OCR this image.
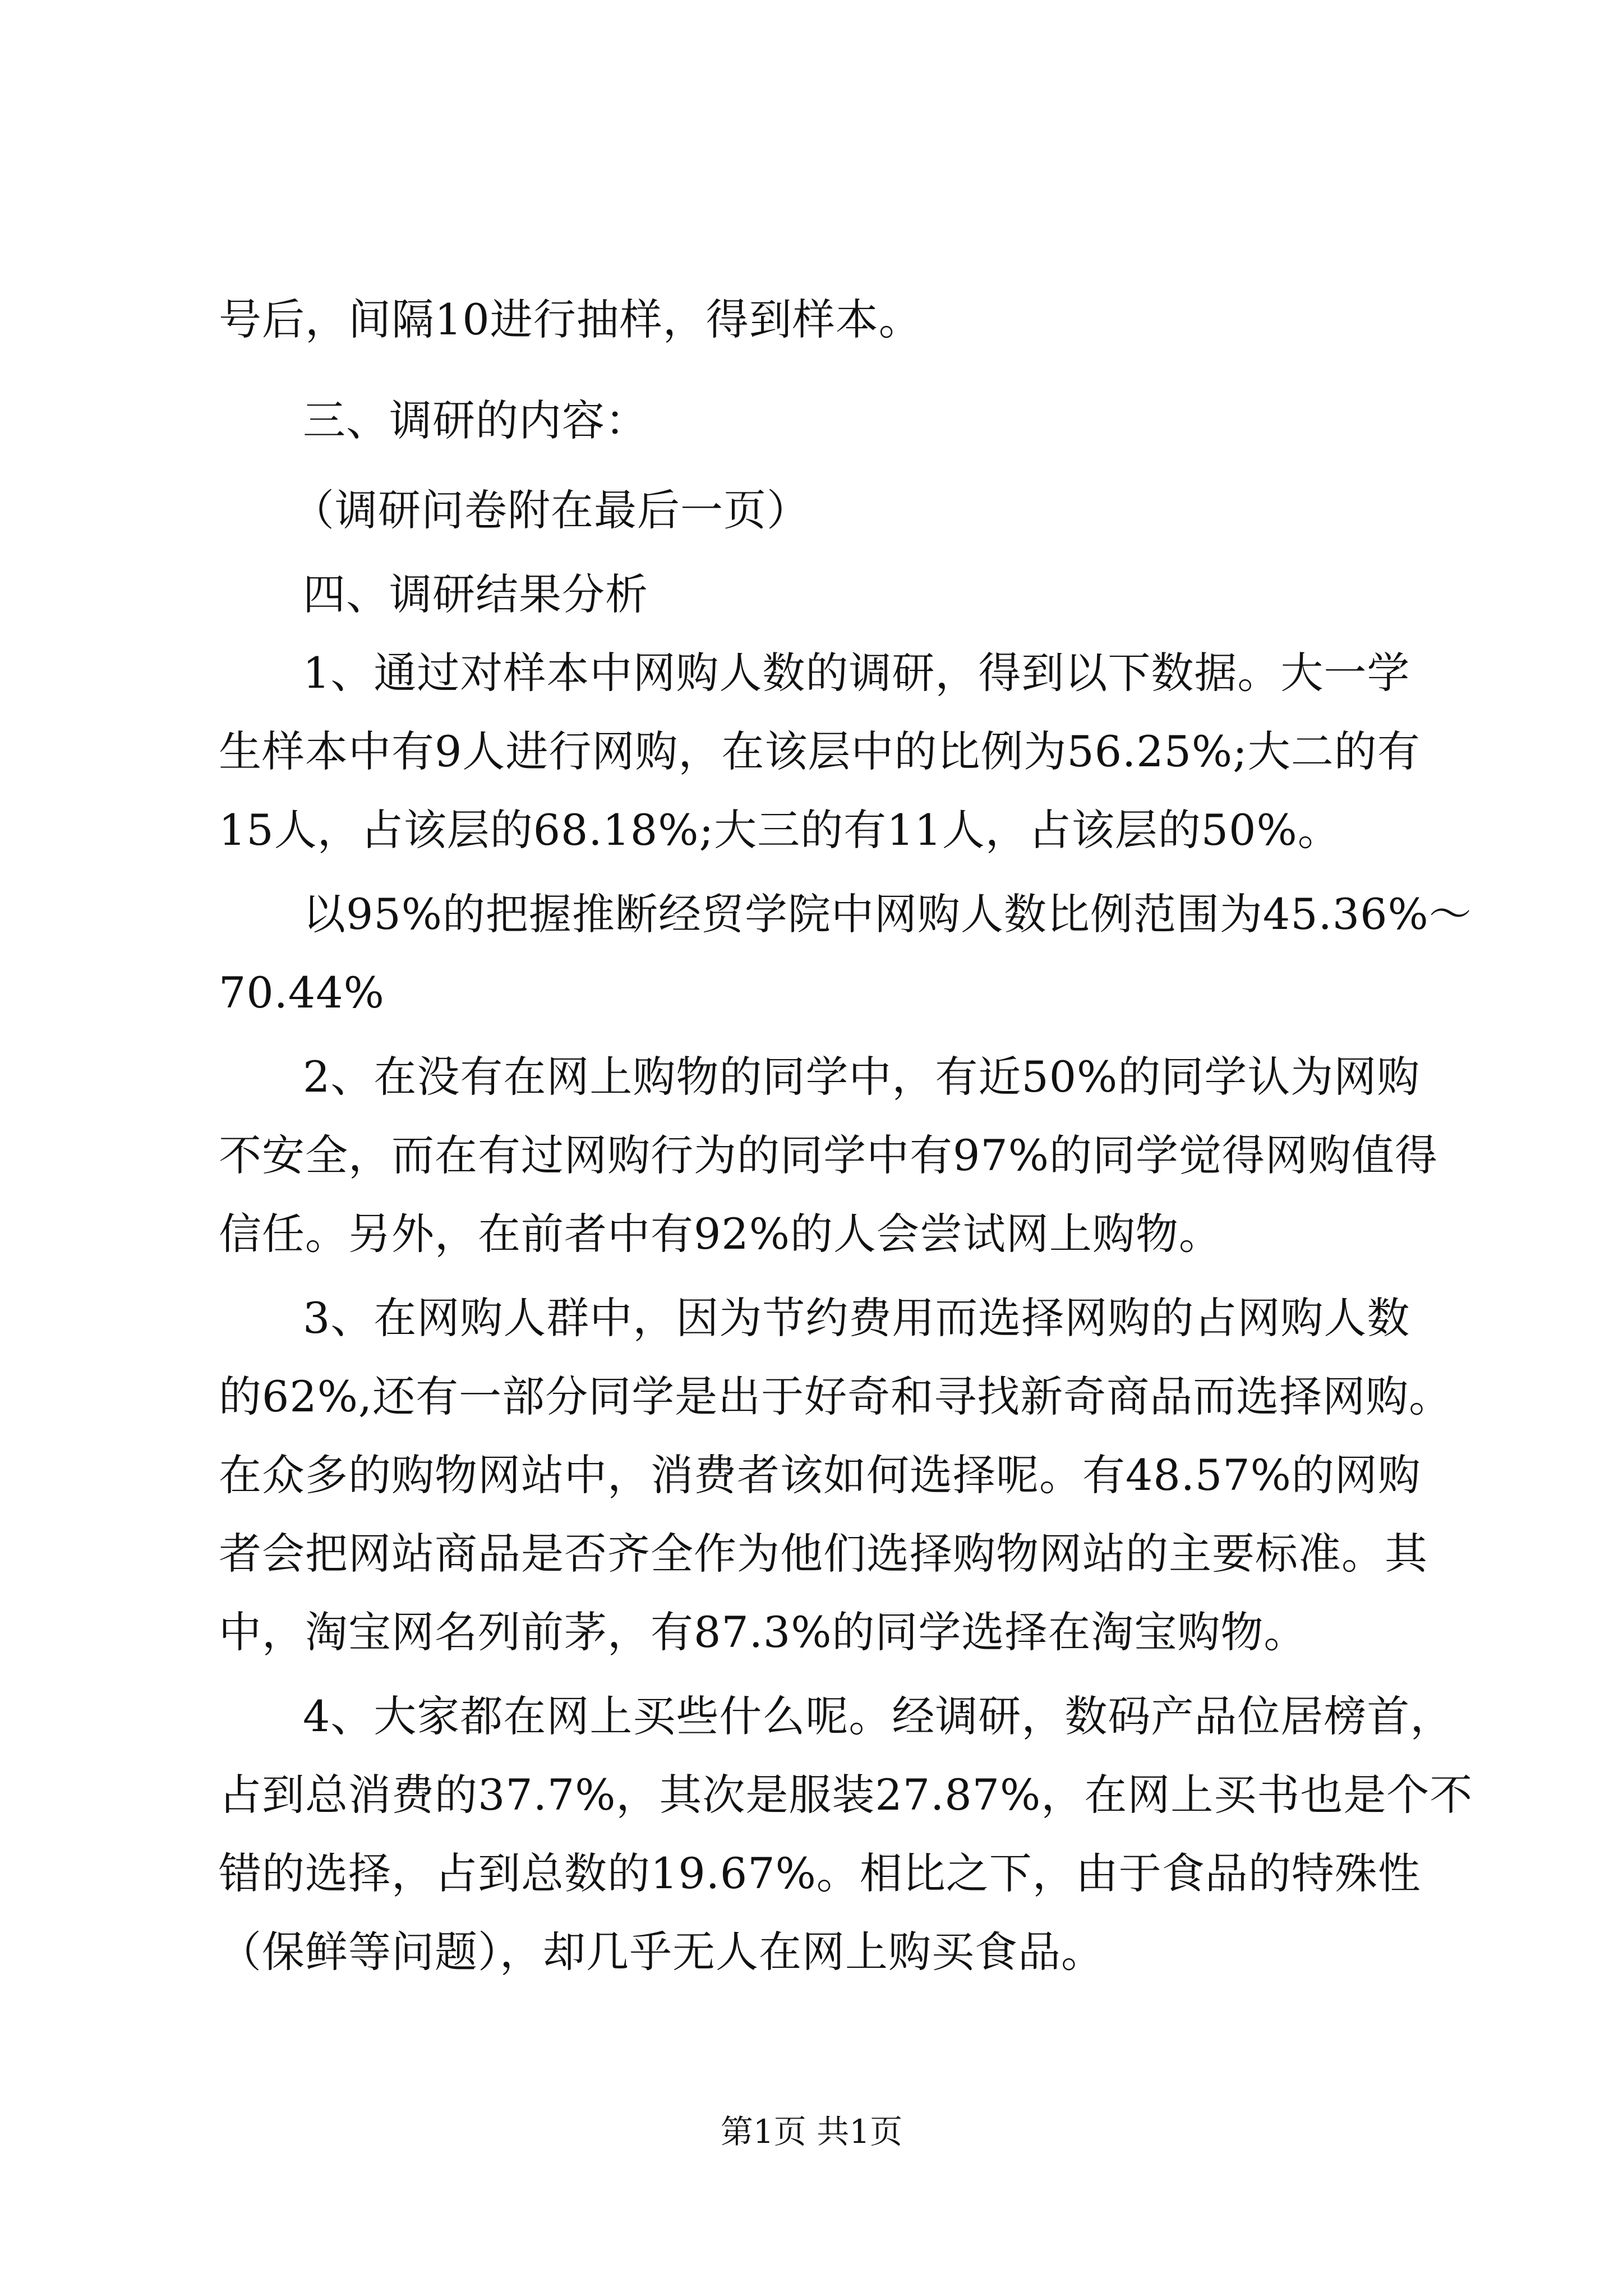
号后，间隔10进行抽样，得到样本。
三、调研的内容：
（调研问卷附在最后一页）
四、调研结果分析
1、通过对样本中网购人数的调研，得到以下数据。大一学
生样本中有9人进行网购，在该层中的比例为56.25%;大二的有
15人，占该层的68.18%;大三的有11人，占该层的50%。
以95%的把握推断经贸学院中网购人数比例范围为45.36%～
70.44%
2、在没有在网上购物的同学中，有近50%的同学认为网购
不安全，而在有过网购行为的同学中有97%的同学觉得网购值得
信任。另外，在前者中有92%的人会尝试网上购物。
3、在网购人群中，因为节约费用而选择网购的占网购人数
的62%,还有一部分同学是出于好奇和寻找新奇商品而选择网购。
在众多的购物网站中，消费者该如何选择呢。有48.57%的网购
者会把网站商品是否齐全作为他们选择购物网站的主要标准。其
中，淘宝网名列前茅，有87.3%的同学选择在淘宝购物。
4、大家都在网上买些什么呢。经调研，数码产品位居榜首，
占到总消费的37.7%，其次是服装27.87%，在网上买书也是个不
错的选择，占到总数的19.67%。相比之下，由于食品的特殊性
（保鲜等问题），却几乎无人在网上购买食品。
第1页 共1页
